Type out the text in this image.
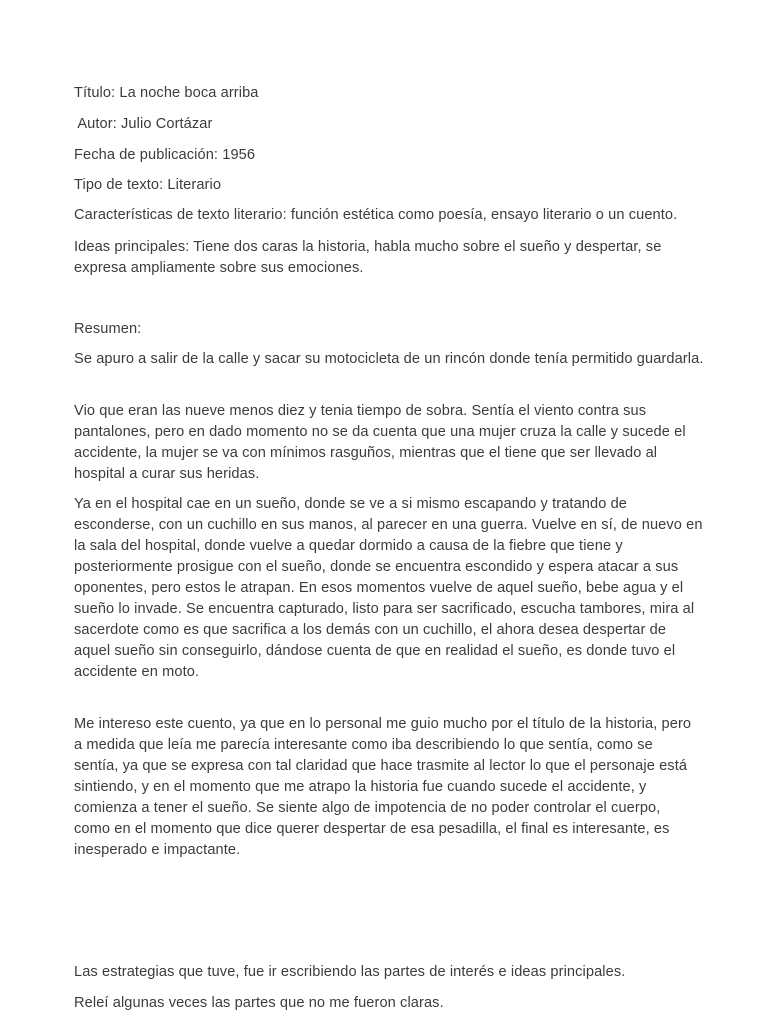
Título: La noche boca arriba
Autor: Julio Cortázar
Fecha de publicación: 1956
Tipo de texto: Literario
Características de texto literario: función estética como poesía, ensayo literario o un cuento.
Ideas principales: Tiene dos caras la historia, habla mucho sobre el sueño y despertar, se expresa ampliamente sobre sus emociones.
Resumen:
Se apuro a salir de la calle y sacar su motocicleta de un rincón donde tenía permitido guardarla.
Vio que eran las nueve menos diez y tenia tiempo de sobra. Sentía el viento contra sus pantalones, pero en dado momento no se da cuenta que una mujer cruza la calle y sucede el accidente, la mujer se va con mínimos rasguños, mientras que el tiene que ser llevado al hospital a curar sus heridas.
Ya en el hospital cae en un sueño, donde se ve a si mismo escapando y tratando de esconderse, con un cuchillo en sus manos, al parecer en una guerra. Vuelve en sí, de nuevo en la sala del hospital, donde vuelve a quedar dormido a causa de la fiebre que tiene y posteriormente prosigue con el sueño, donde se encuentra escondido y espera atacar a sus oponentes, pero estos le atrapan. En esos momentos vuelve de aquel sueño, bebe agua y el sueño lo invade. Se encuentra capturado, listo para ser sacrificado, escucha tambores, mira al sacerdote como es que sacrifica a los demás con un cuchillo, el ahora desea despertar de aquel sueño sin conseguirlo, dándose cuenta de que en realidad el sueño, es donde tuvo el accidente en moto.
Me intereso este cuento, ya que en lo personal me guio mucho por el título de la historia, pero a medida que leía me parecía interesante como iba describiendo lo que sentía, como se sentía, ya que se expresa con tal claridad que hace trasmite al lector lo que el personaje está sintiendo, y en el momento que me atrapo la historia fue cuando sucede el accidente, y comienza a tener el sueño. Se siente algo de impotencia de no poder controlar el cuerpo, como en el momento que dice querer despertar de esa pesadilla, el final es interesante, es inesperado e impactante.
Las estrategias que tuve, fue ir escribiendo las partes de interés e ideas principales.
Releí algunas veces las partes que no me fueron claras.
